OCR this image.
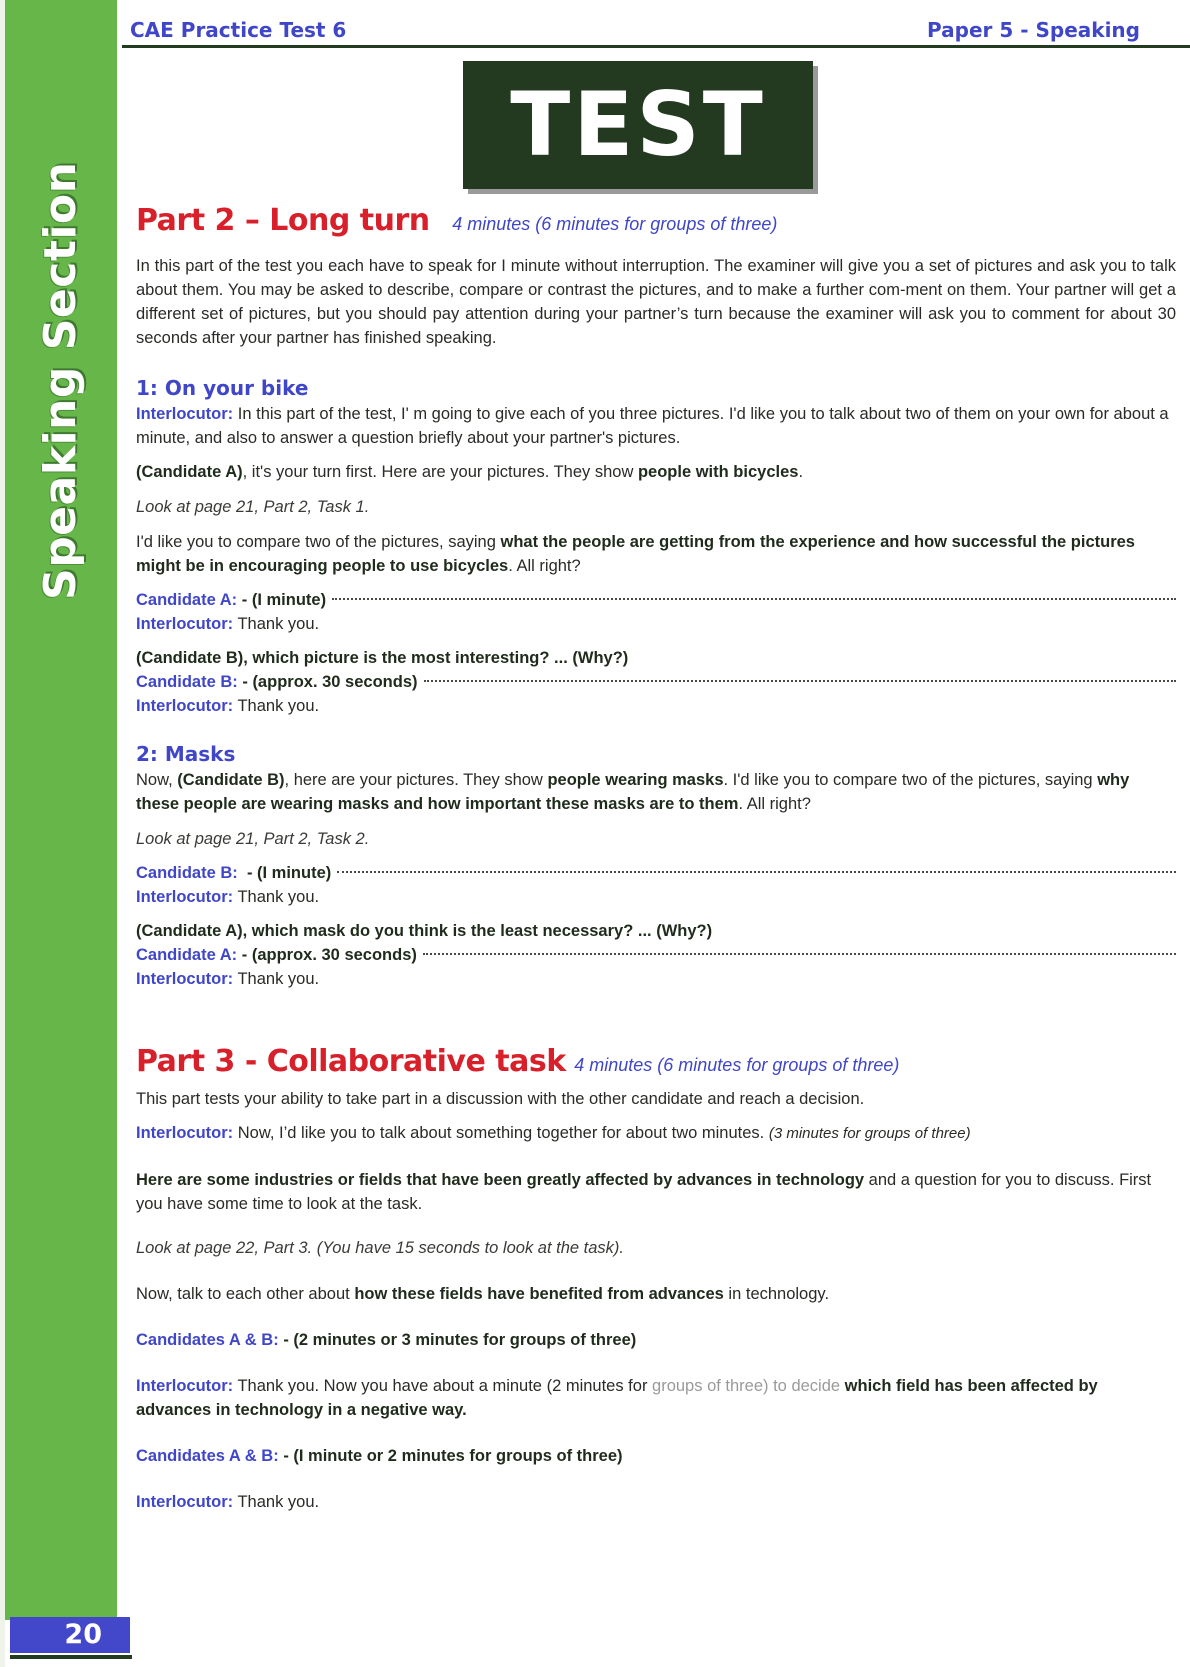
Speaking Section
20
CAE Practice Test 6	Paper 5 - Speaking
TEST 6
Part 2 – Long turn 4 minutes (6 minutes for groups of three)

In this part of the test you each have to speak for I minute without interruption. The examiner will give you a set of pictures and ask you to talk about them. You may be asked to describe, compare or contrast the pictures, and to make a further com-ment on them. Your partner will get a different set of pictures, but you should pay attention during your partner’s turn because the examiner will ask you to comment for about 30 seconds after your partner has finished speaking.

1: On your bike

Interlocutor: In this part of the test, I' m going to give each of you three pictures. I'd like you to talk about two of them on your own for about a minute, and also to answer a question briefly about your partner's pictures.

(Candidate A), it's your turn first. Here are your pictures. They show people with bicycles.

Look at page 21, Part 2, Task 1.

I'd like you to compare two of the pictures, saying what the people are getting from the experience and how successful the pictures might be in encouraging people to use bicycles. All right?

Candidate A:
- (I minute)

Interlocutor: Thank you.

(Candidate B), which picture is the most interesting? ... (Why?)

Candidate B:
- (approx. 30 seconds)

Interlocutor: Thank you.

2: Masks

Now, (Candidate B), here are your pictures. They show people wearing masks. I'd like you to compare two of the pictures, saying why these people are wearing masks and how important these masks are to them. All right?

Look at page 21, Part 2, Task 2.

Candidate B:
- (I minute)

Interlocutor: Thank you.

(Candidate A), which mask do you think is the least necessary? ... (Why?)

Candidate A:
- (approx. 30 seconds)

Interlocutor: Thank you.

Part 3 - Collaborative task 4 minutes (6 minutes for groups of three)

This part tests your ability to take part in a discussion with the other candidate and reach a decision.

Interlocutor: Now, I’d like you to talk about something together for about two minutes. (3 minutes for groups of three)

Here are some industries or fields that have been greatly affected by advances in technology and a question for you to discuss. First you have some time to look at the task.

Look at page 22, Part 3. (You have 15 seconds to look at the task).

Now, talk to each other about how these fields have benefited from advances in technology.

Candidates A & B: - (2 minutes or 3 minutes for groups of three)

Interlocutor: Thank you. Now you have about a minute (2 minutes for groups of three) to decide which field has been affected by advances in technology in a negative way.

Candidates A & B: - (I minute or 2 minutes for groups of three)

Interlocutor: Thank you.
